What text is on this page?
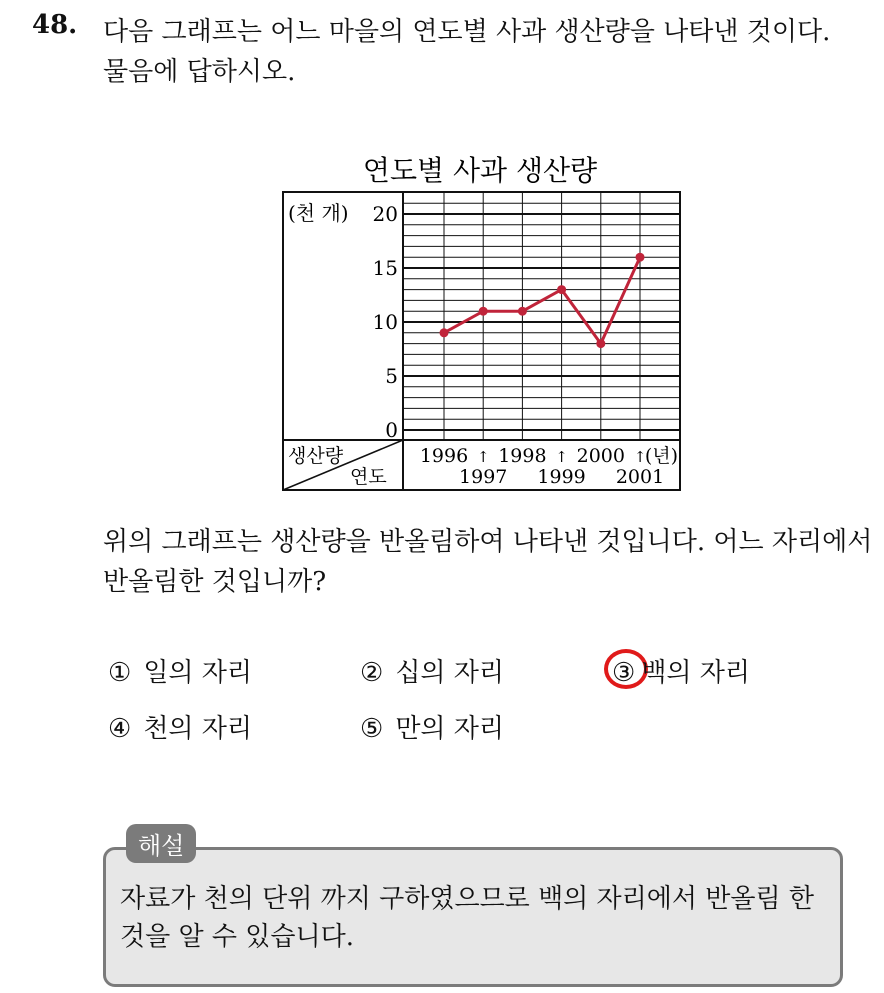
48. 다음 그래프는 어느 마을의 연도별 사과 생산량을 나타낸 것이다.
물음에 답하시오.
연도별 사과 생산량
(천 개)
생산량
연도
0
5
10
15
20
1996
1997
↑ 1998
1999
↑ 2000
2001
↑
(년)
위의 그래프는 생산량을 반올림하여 나타낸 것입니다. 어느 자리에서
반올림한 것입니까?
① 일의 자리	② 십의 자리	③ 백의 자리
④ 천의 자리	⑤ 만의 자리
해설
자료가 천의 단위 까지 구하였으므로 백의 자리에서 반올림 한
것을 알 수 있습니다.
